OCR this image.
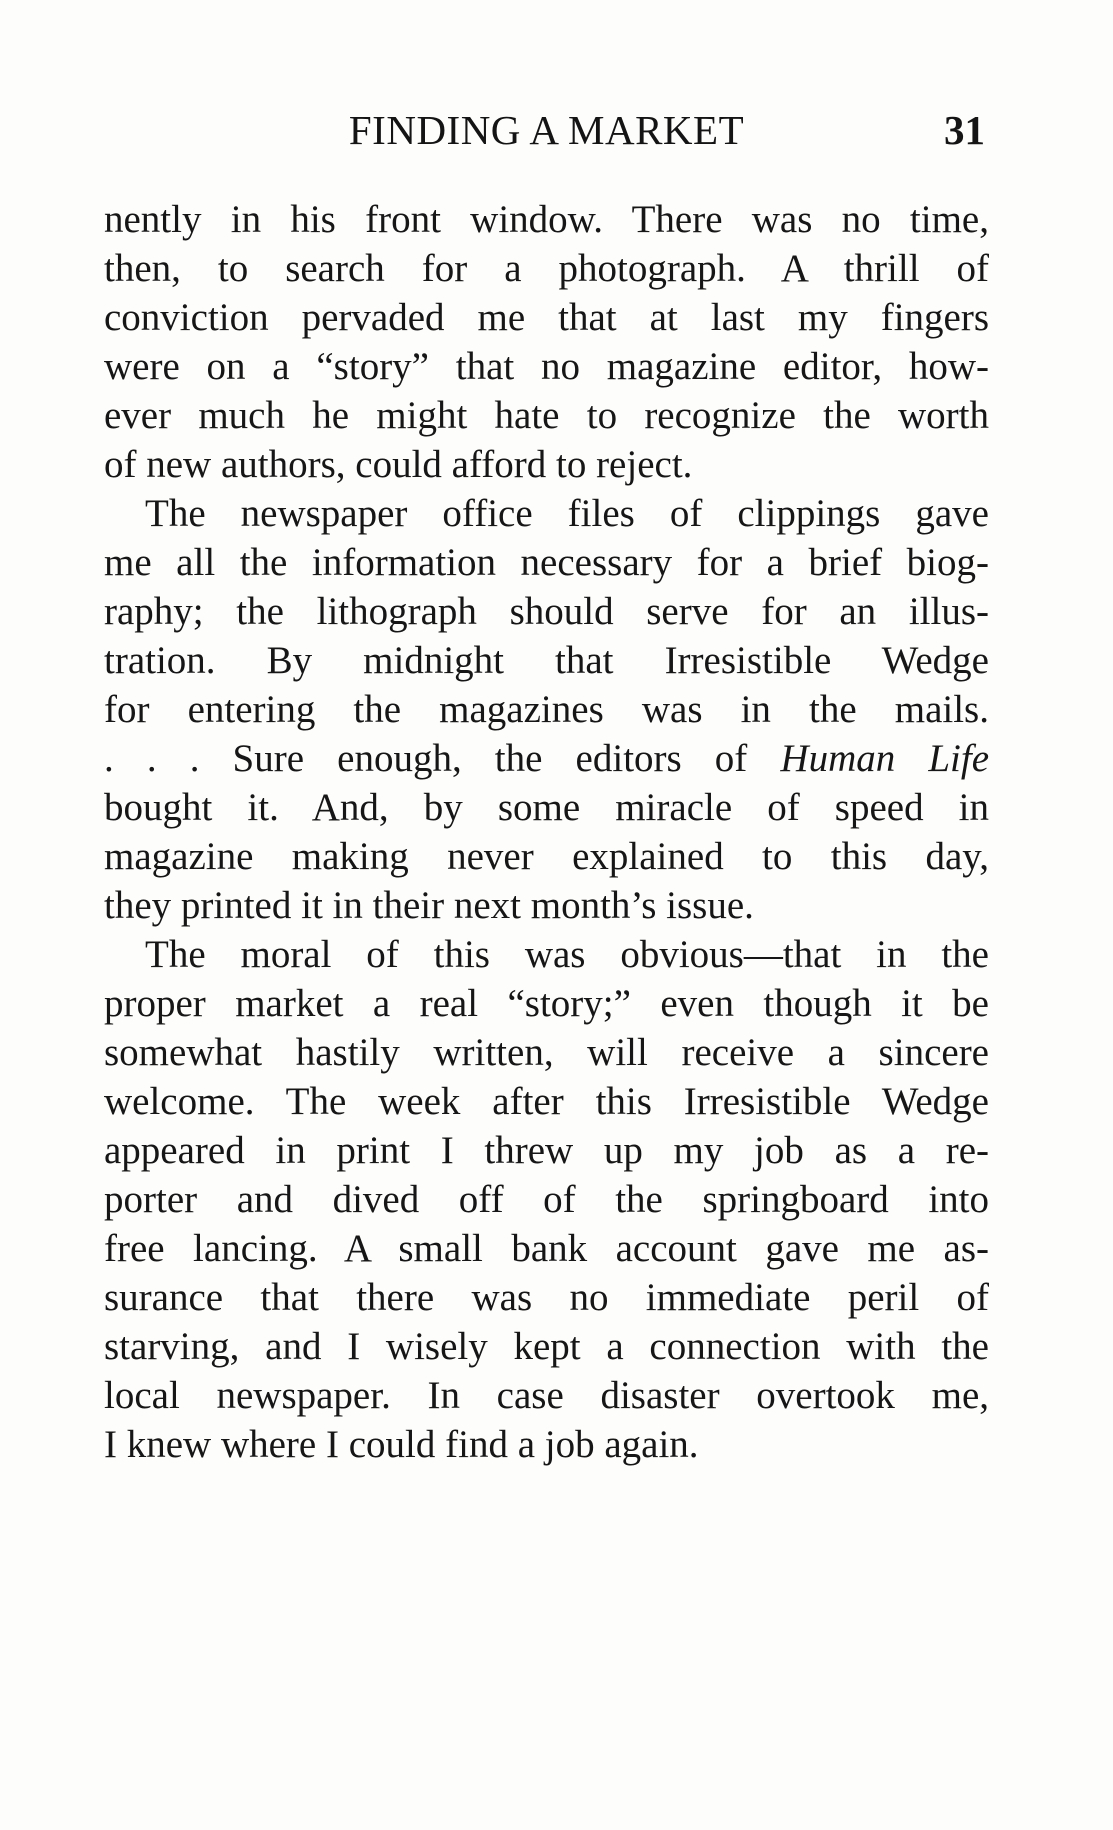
FINDING A MARKET	31
nently in his front window. There was no time,
then, to search for a photograph. A thrill of
conviction pervaded me that at last my fingers
were on a “story” that no magazine editor, how-
ever much he might hate to recognize the worth
of new authors, could afford to reject.
The newspaper office files of clippings gave
me all the information necessary for a brief biog-
raphy; the lithograph should serve for an illus-
tration. By midnight that Irresistible Wedge
for entering the magazines was in the mails.
. . . Sure enough, the editors of Human Life
bought it. And, by some miracle of speed in
magazine making never explained to this day,
they printed it in their next month’s issue.
The moral of this was obvious—that in the
proper market a real “story;” even though it be
somewhat hastily written, will receive a sincere
welcome. The week after this Irresistible Wedge
appeared in print I threw up my job as a re-
porter and dived off of the springboard into
free lancing. A small bank account gave me as-
surance that there was no immediate peril of
starving, and I wisely kept a connection with the
local newspaper. In case disaster overtook me,
I knew where I could find a job again.
